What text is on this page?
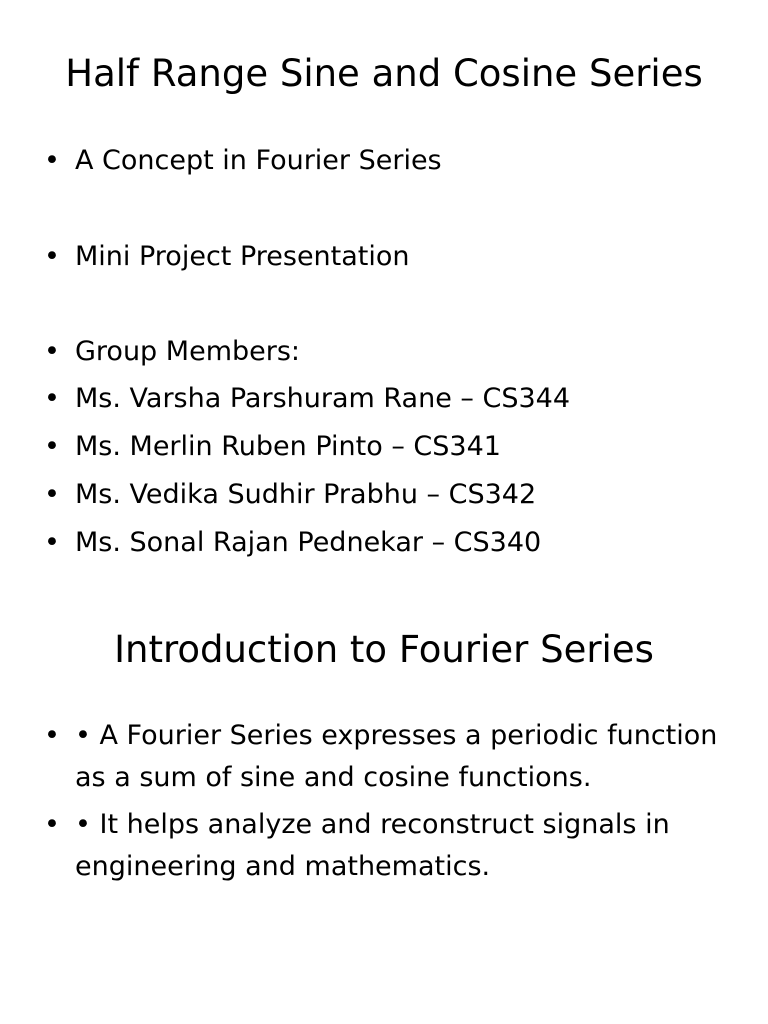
Half Range Sine and Cosine Series
• A Concept in Fourier Series
• Mini Project Presentation
• Group Members:
• Ms. Varsha Parshuram Rane – CS344
• Ms. Merlin Ruben Pinto – CS341
• Ms. Vedika Sudhir Prabhu – CS342
• Ms. Sonal Rajan Pednekar – CS340
Introduction to Fourier Series
• • A Fourier Series expresses a periodic function as a sum of sine and cosine functions.
• • It helps analyze and reconstruct signals in engineering and mathematics.
